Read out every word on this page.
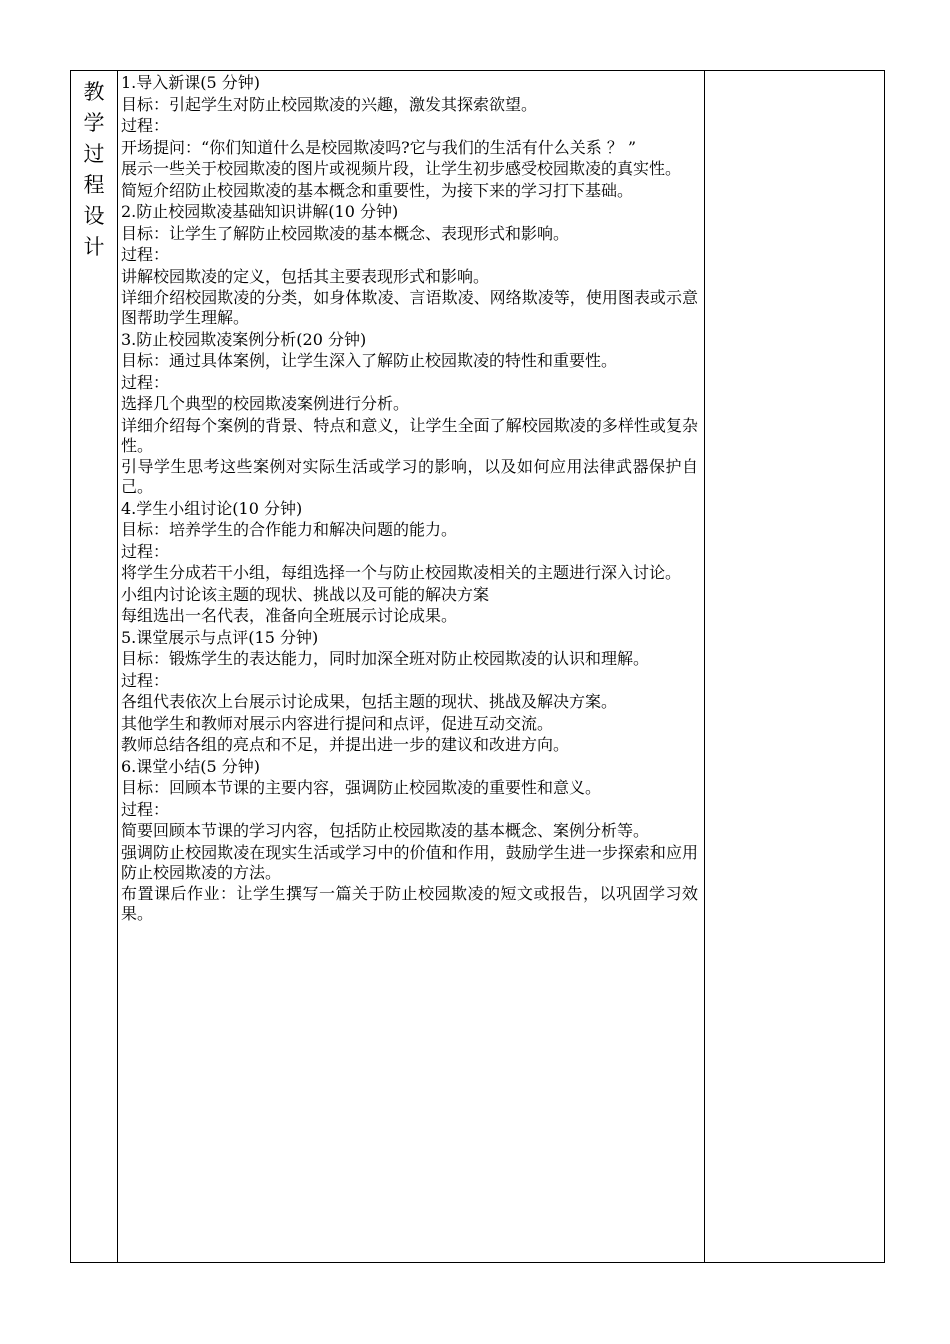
教
学
过
程
设
计
1.导入新课(5 分钟)
目标：引起学生对防止校园欺凌的兴趣，激发其探索欲望。
过程：
开场提问：“你们知道什么是校园欺凌吗?它与我们的生活有什么关系 ？ ”
展示一些关于校园欺凌的图片或视频片段，让学生初步感受校园欺凌的真实性。
简短介绍防止校园欺凌的基本概念和重要性，为接下来的学习打下基础。
2.防止校园欺凌基础知识讲解(10 分钟)
目标：让学生了解防止校园欺凌的基本概念、表现形式和影响。
过程：
讲解校园欺凌的定义，包括其主要表现形式和影响。
详细介绍校园欺凌的分类，如身体欺凌、言语欺凌、网络欺凌等，使用图表或示意图帮助学生理解。
3.防止校园欺凌案例分析(20 分钟)
目标：通过具体案例，让学生深入了解防止校园欺凌的特性和重要性。
过程：
选择几个典型的校园欺凌案例进行分析。
详细介绍每个案例的背景、特点和意义，让学生全面了解校园欺凌的多样性或复杂性。
引导学生思考这些案例对实际生活或学习的影响，以及如何应用法律武器保护自己。
4.学生小组讨论(10 分钟)
目标：培养学生的合作能力和解决问题的能力。
过程：
将学生分成若干小组，每组选择一个与防止校园欺凌相关的主题进行深入讨论。
小组内讨论该主题的现状、挑战以及可能的解决方案
每组选出一名代表，准备向全班展示讨论成果。
5.课堂展示与点评(15 分钟)
目标：锻炼学生的表达能力，同时加深全班对防止校园欺凌的认识和理解。
过程：
各组代表依次上台展示讨论成果，包括主题的现状、挑战及解决方案。
其他学生和教师对展示内容进行提问和点评，促进互动交流。
教师总结各组的亮点和不足，并提出进一步的建议和改进方向。
6.课堂小结(5 分钟)
目标：回顾本节课的主要内容，强调防止校园欺凌的重要性和意义。
过程：
简要回顾本节课的学习内容，包括防止校园欺凌的基本概念、案例分析等。
强调防止校园欺凌在现实生活或学习中的价值和作用，鼓励学生进一步探索和应用防止校园欺凌的方法。
布置课后作业：让学生撰写一篇关于防止校园欺凌的短文或报告，以巩固学习效果。
